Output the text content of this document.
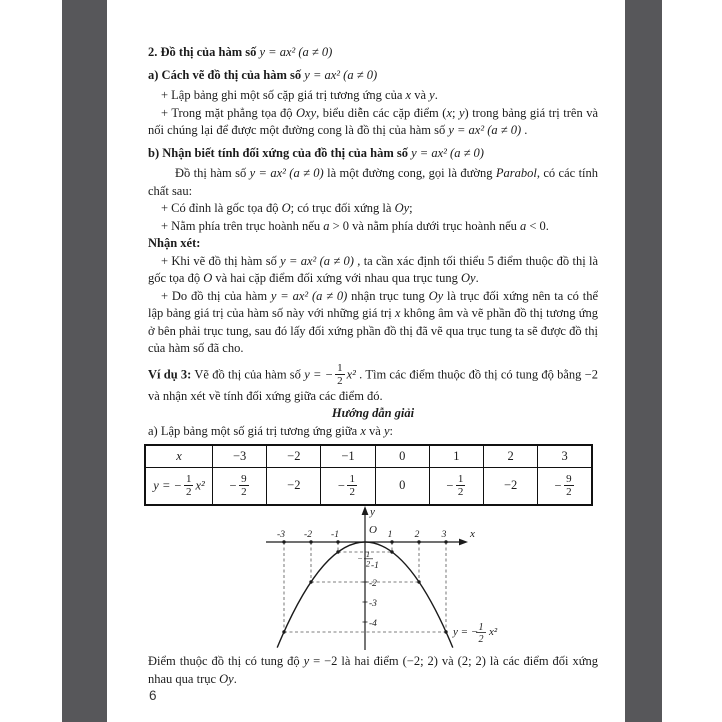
2. Đồ thị của hàm số y = ax² (a ≠ 0)

a) Cách vẽ đồ thị của hàm số y = ax² (a ≠ 0)

+ Lập bảng ghi một số cặp giá trị tương ứng của x và y.

+ Trong mặt phẳng tọa độ Oxy, biểu diễn các cặp điểm (x; y) trong bảng giá trị trên và nối chúng lại để được một đường cong là đồ thị của hàm số y = ax² (a ≠ 0) .

b) Nhận biết tính đối xứng của đồ thị của hàm số y = ax² (a ≠ 0)

Đồ thị hàm số y = ax² (a ≠ 0) là một đường cong, gọi là đường Parabol, có các tính chất sau:

+ Có đỉnh là gốc tọa độ O; có trục đối xứng là Oy;

+ Nằm phía trên trục hoành nếu a > 0 và nằm phía dưới trục hoành nếu a < 0.

Nhận xét:

+ Khi vẽ đồ thị hàm số y = ax² (a ≠ 0) , ta cần xác định tối thiểu 5 điểm thuộc đồ thị là gốc tọa độ O và hai cặp điểm đối xứng với nhau qua trục tung Oy.

+ Do đồ thị của hàm y = ax² (a ≠ 0) nhận trục tung Oy là trục đối xứng nên ta có thể lập bảng giá trị của hàm số này với những giá trị x không âm và vẽ phần đồ thị tương ứng ở bên phải trục tung, sau đó lấy đối xứng phần đồ thị đã vẽ qua trục tung ta sẽ được đồ thị của hàm số đã cho.

Ví dụ 3: Vẽ đồ thị của hàm số y = − $\frac{1}{2} x^2$ . Tìm các điểm thuộc đồ thị có tung độ bằng −2 và nhận xét về tính đối xứng giữa các điểm đó.

Hướng dẫn giải

a) Lập bảng một số giá trị tương ứng giữa x và y:

x	−3	−2	−1	0	1	2	3
y = − $\frac{1}{2} x^2$	− $\frac{9}{2}$	−2	− $\frac{1}{2}$	0	− $\frac{1}{2}$	−2	− $\frac{9}{2}$
x
y
O
-3 -2 -1	1 2 3
-1
-2
-3
-4
− 1
2
y = − 1
2
x²

Điểm thuộc đồ thị có tung độ y = −2 là hai điểm (−2; 2) và (2; 2) là các điểm đối xứng nhau qua trục Oy.

6
